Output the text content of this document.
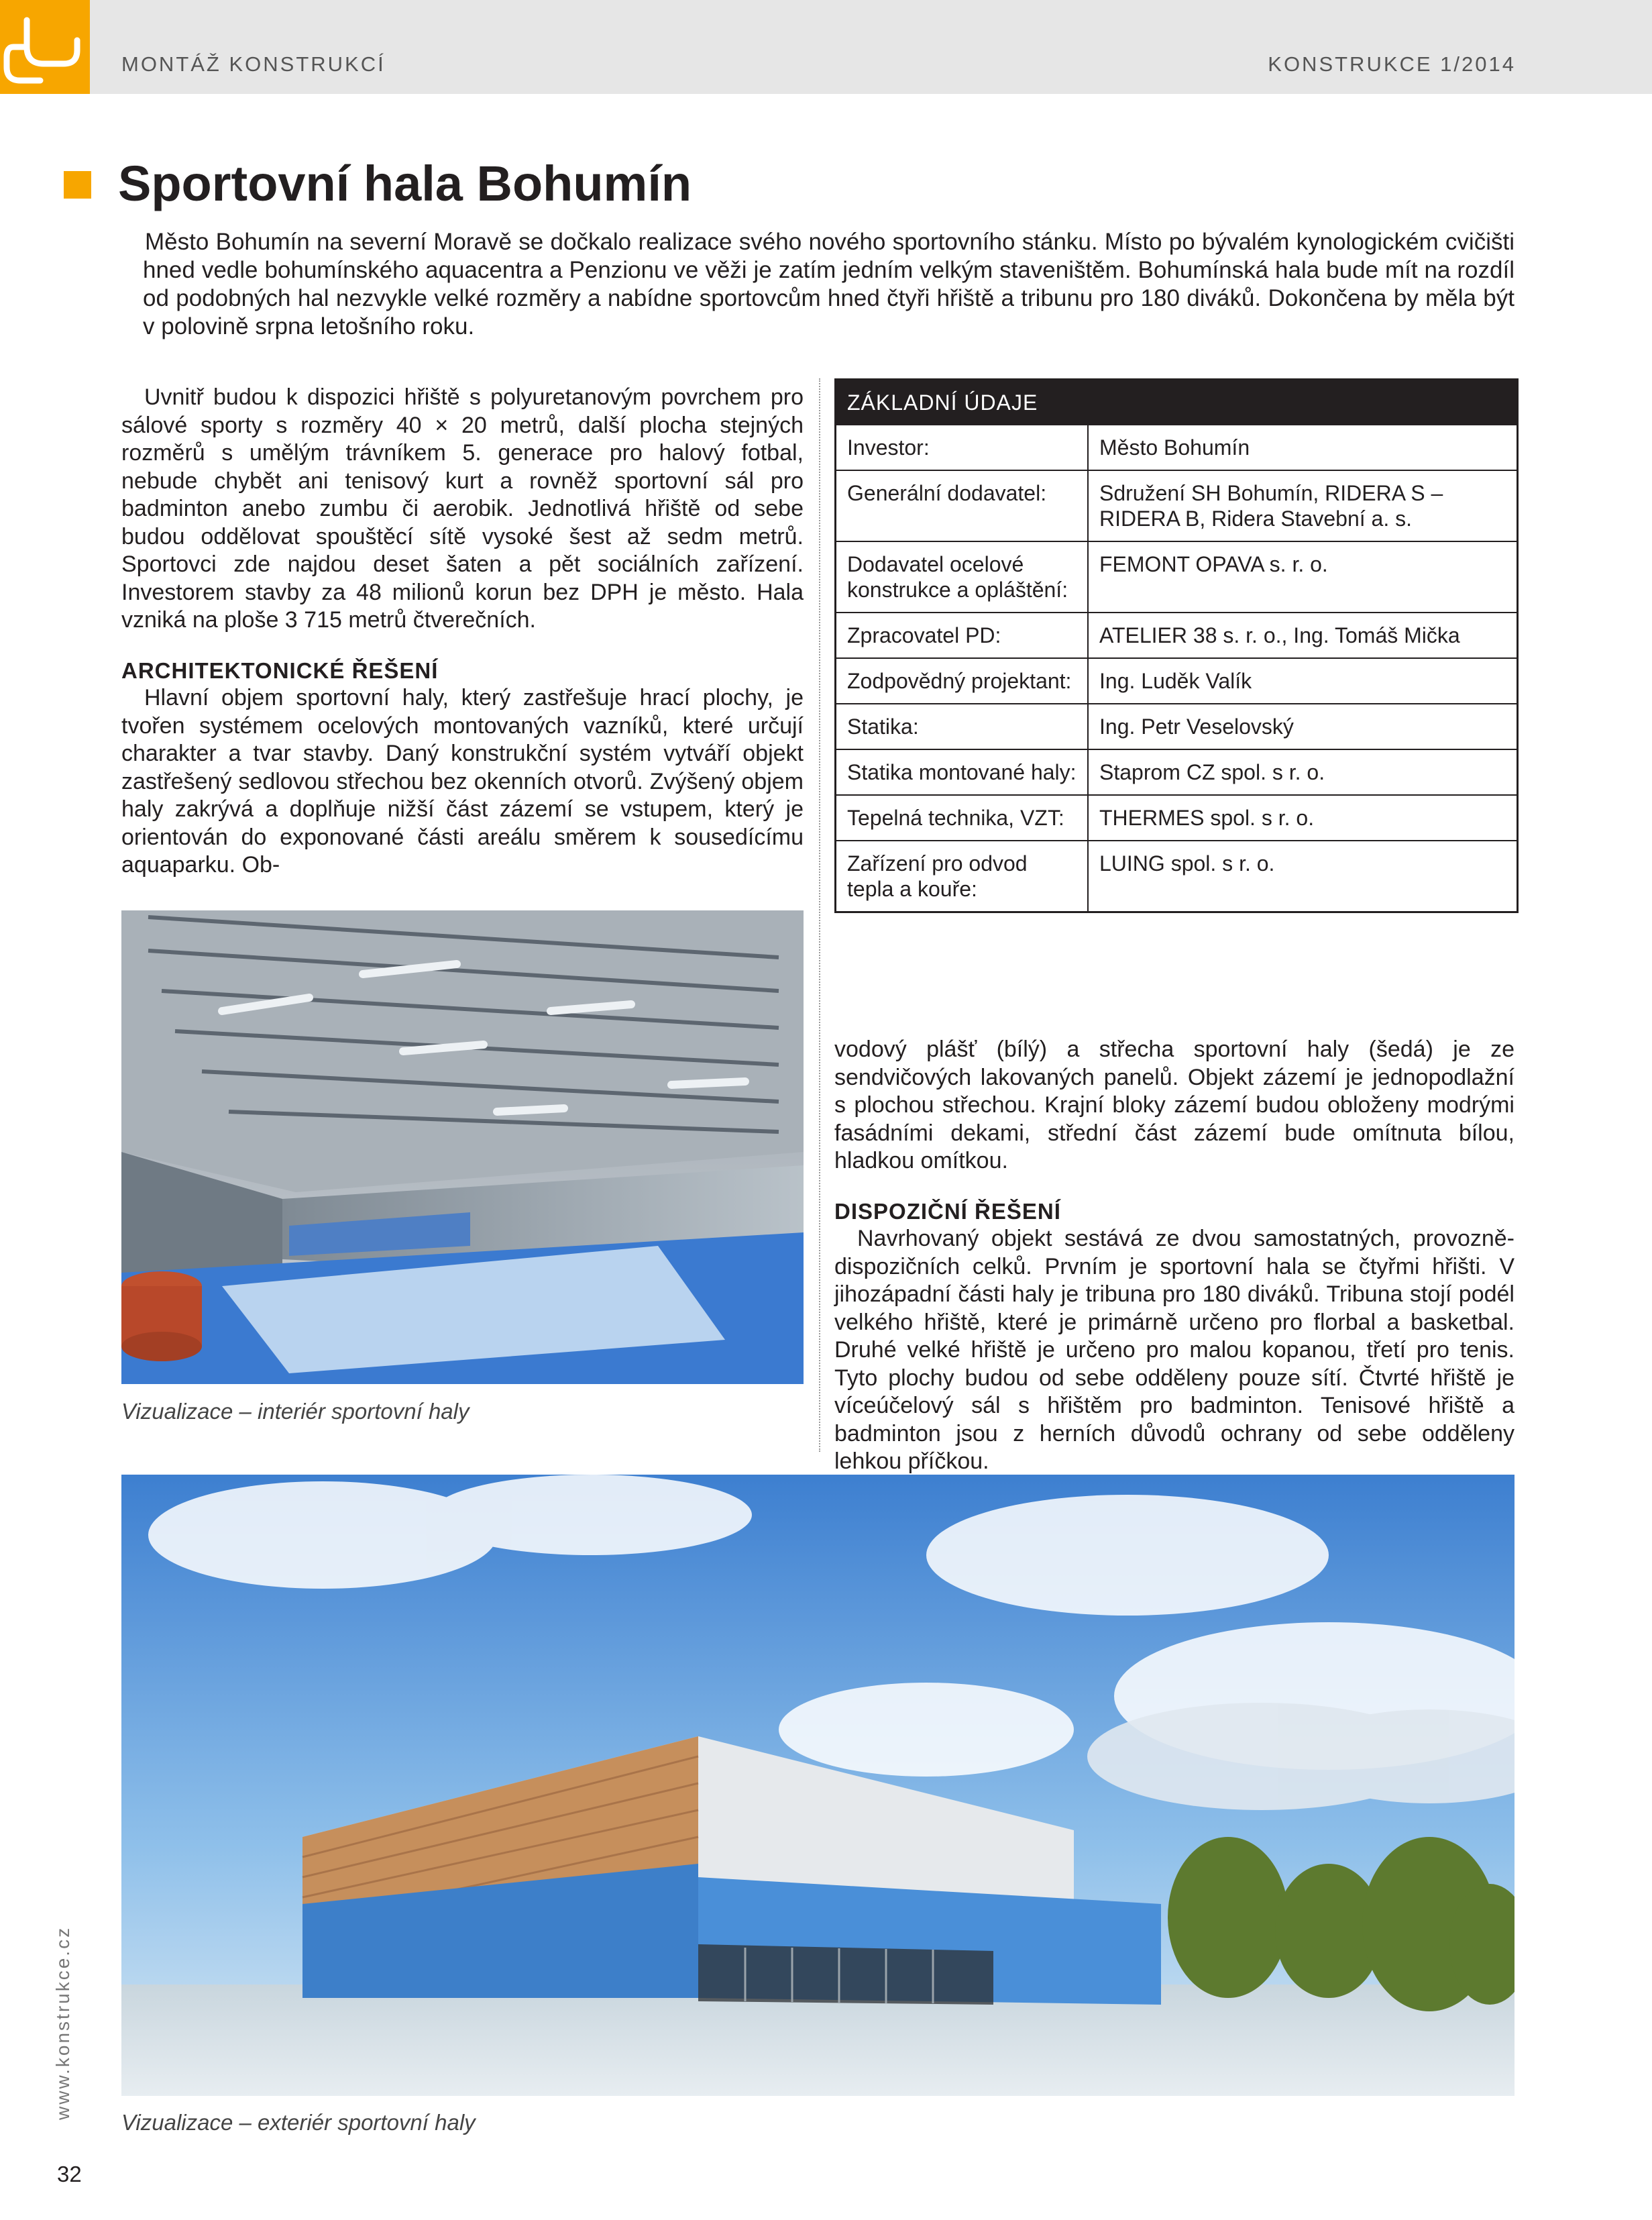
MONTÁŽ KONSTRUKCÍ	KONSTRUKCE 1/2014
Sportovní hala Bohumín
Město Bohumín na severní Moravě se dočkalo realizace svého nového sportovního stánku. Místo po bývalém kynologickém cvičišti hned vedle bohumínského aquacentra a Penzionu ve věži je zatím jedním velkým staveništěm. Bohumínská hala bude mít na rozdíl od podobných hal nezvykle velké rozměry a nabídne sportovcům hned čtyři hřiště a tribunu pro 180 diváků. Dokončena by měla být v polovině srpna letošního roku.

Uvnitř budou k dispozici hřiště s polyuretanovým povrchem pro sálové sporty s rozměry 40 × 20 metrů, další plocha stejných rozměrů s umělým trávníkem 5. generace pro halový fotbal, nebude chybět ani tenisový kurt a rovněž sportovní sál pro badminton anebo zumbu či aerobik. Jednotlivá hřiště od sebe budou oddělovat spouštěcí sítě vysoké šest až sedm metrů. Sportovci zde najdou deset šaten a pět sociálních zařízení. Investorem stavby za 48 milionů korun bez DPH je město. Hala vzniká na ploše 3 715 metrů čtverečních.

ARCHITEKTONICKÉ ŘEŠENÍ

Hlavní objem sportovní haly, který zastřešuje hrací plochy, je tvořen systémem ocelových montovaných vazníků, které určují charakter a tvar stavby. Daný konstrukční systém vytváří objekt zastřešený sedlovou střechou bez okenních otvorů. Zvýšený objem haly zakrývá a doplňuje nižší část zázemí se vstupem, který je orientován do exponované části areálu směrem k sousedícímu aquaparku. Ob-

ZÁKLADNÍ ÚDAJE
Investor:	Město Bohumín
Generální dodavatel:	Sdružení SH Bohumín, RIDERA S – RIDERA B, Ridera Stavební a. s.
Dodavatel ocelové konstrukce a opláštění:	FEMONT OPAVA s. r. o.
Zpracovatel PD:	ATELIER 38 s. r. o., Ing. Tomáš Mička
Zodpovědný projektant:	Ing. Luděk Valík
Statika:	Ing. Petr Veselovský
Statika montované haly:	Staprom CZ spol. s r. o.
Tepelná technika, VZT:	THERMES spol. s r. o.
Zařízení pro odvod tepla a kouře:	LUING spol. s r. o.

vodový plášť (bílý) a střecha sportovní haly (šedá) je ze sendvičových lakovaných panelů. Objekt zázemí je jednopodlažní s plochou střechou. Krajní bloky zázemí budou obloženy modrými fasádními dekami, střední část zázemí bude omítnuta bílou, hladkou omítkou.

DISPOZIČNÍ ŘEŠENÍ

Navrhovaný objekt sestává ze dvou samostatných, provozně-dispozičních celků. Prvním je sportovní hala se čtyřmi hřišti. V jihozápadní části haly je tribuna pro 180 diváků. Tribuna stojí podél velkého hřiště, které je primárně určeno pro florbal a basketbal. Druhé velké hřiště je určeno pro malou kopanou, třetí pro tenis. Tyto plochy budou od sebe odděleny pouze sítí. Čtvrté hřiště je víceúčelový sál s hřištěm pro badminton. Tenisové hřiště a badminton jsou z herních důvodů ochrany od sebe odděleny lehkou příčkou.

Vizualizace – interiér sportovní haly
Vizualizace – exteriér sportovní haly
www.konstrukce.cz
32
